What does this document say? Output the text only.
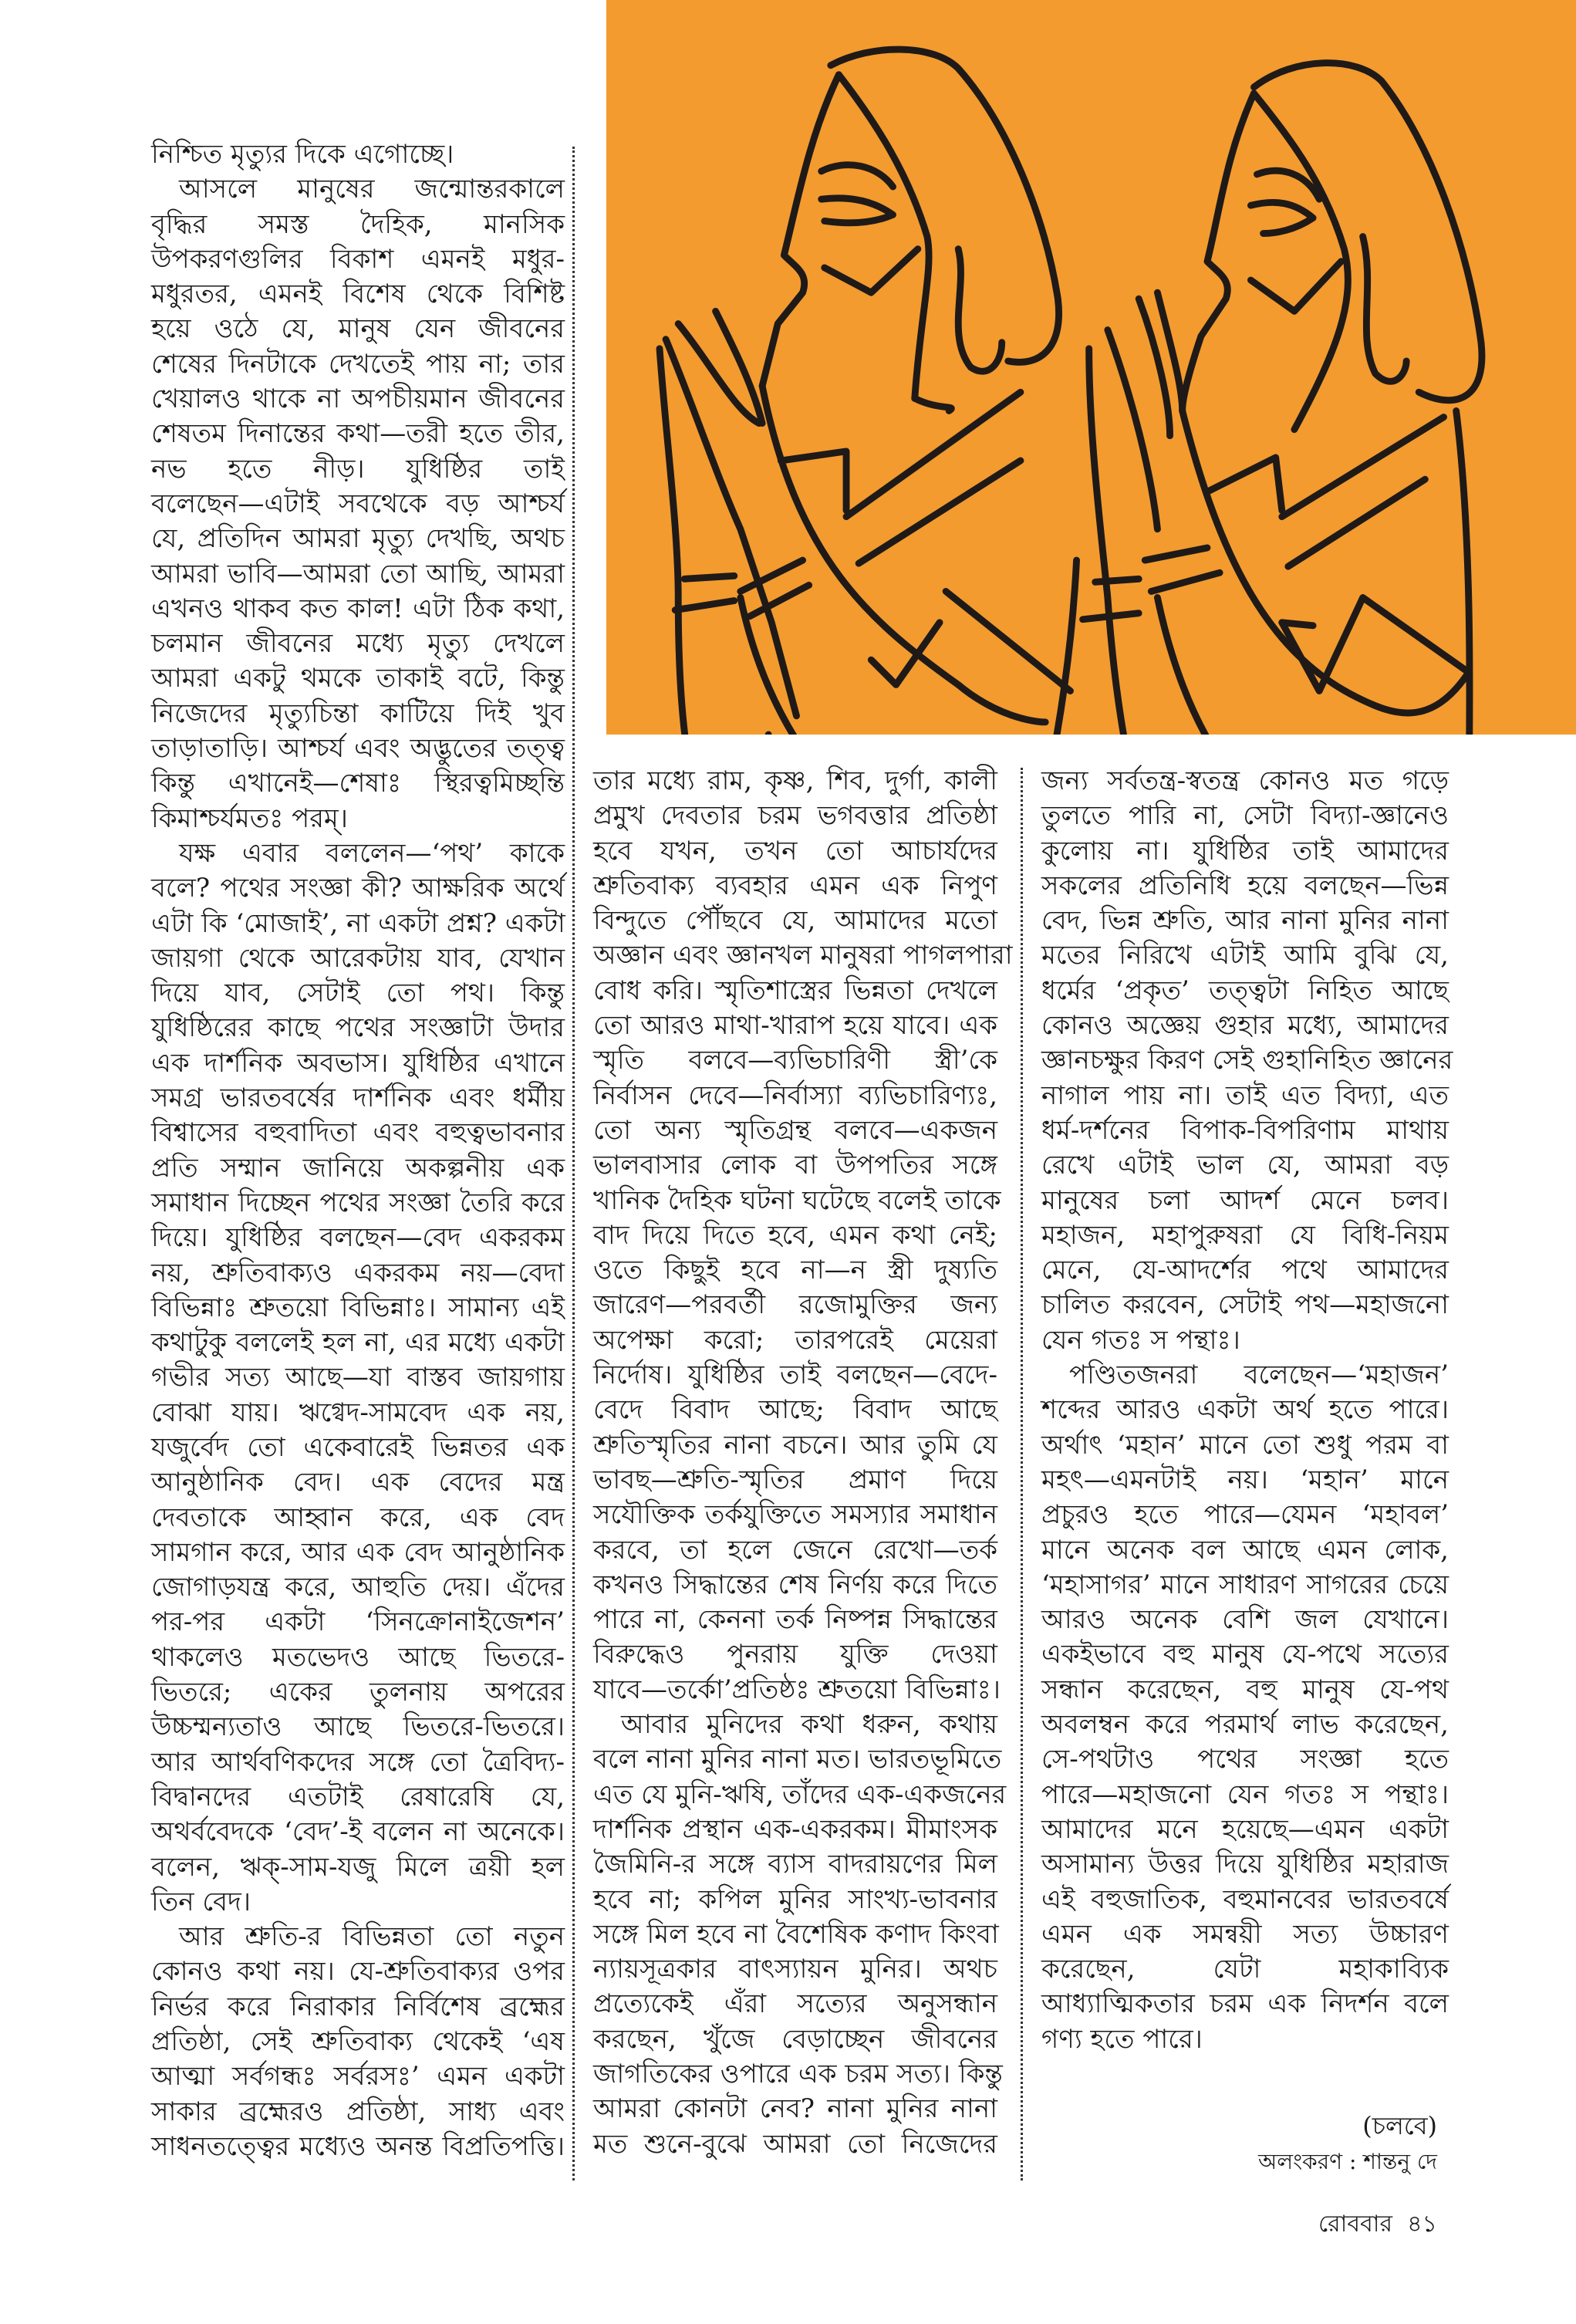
নিশ্চিত মৃত্যুর দিকে এগোচ্ছে।
আসলে মানুষের জন্মোন্তরকালে
বৃদ্ধির সমস্ত দৈহিক, মানসিক
উপকরণগুলির বিকাশ এমনই মধুর-
মধুরতর, এমনই বিশেষ থেকে বিশিষ্ট
হয়ে ওঠে যে, মানুষ যেন জীবনের
শেষের দিনটাকে দেখতেই পায় না; তার
খেয়ালও থাকে না অপচীয়মান জীবনের
শেষতম দিনান্তের কথা—তরী হতে তীর,
নভ হতে নীড়। যুধিষ্ঠির তাই
বলেছেন—এটাই সবথেকে বড় আশ্চর্য
যে, প্রতিদিন আমরা মৃত্যু দেখছি, অথচ
আমরা ভাবি—আমরা তো আছি, আমরা
এখনও থাকব কত কাল! এটা ঠিক কথা,
চলমান জীবনের মধ্যে মৃত্যু দেখলে
আমরা একটু থমকে তাকাই বটে, কিন্তু
নিজেদের মৃত্যুচিন্তা কাটিয়ে দিই খুব
তাড়াতাড়ি। আশ্চর্য এবং অদ্ভুতের তত্ত্ব
কিন্তু এখানেই—শেষাঃ স্থিরত্বমিচ্ছন্তি
কিমাশ্চর্যমতঃ পরম্।
যক্ষ এবার বললেন—‘পথ’ কাকে
বলে? পথের সংজ্ঞা কী? আক্ষরিক অর্থে
এটা কি ‘মোজাই’, না একটা প্রশ্ন? একটা
জায়গা থেকে আরেকটায় যাব, যেখান
দিয়ে যাব, সেটাই তো পথ। কিন্তু
যুধিষ্ঠিরের কাছে পথের সংজ্ঞাটা উদার
এক দার্শনিক অবভাস। যুধিষ্ঠির এখানে
সমগ্র ভারতবর্ষের দার্শনিক এবং ধর্মীয়
বিশ্বাসের বহুবাদিতা এবং বহুত্বভাবনার
প্রতি সম্মান জানিয়ে অকল্পনীয় এক
সমাধান দিচ্ছেন পথের সংজ্ঞা তৈরি করে
দিয়ে। যুধিষ্ঠির বলছেন—বেদ একরকম
নয়, শ্রুতিবাক্যও একরকম নয়—বেদা
বিভিন্নাঃ শ্রুতয়ো বিভিন্নাঃ। সামান্য এই
কথাটুকু বললেই হল না, এর মধ্যে একটা
গভীর সত্য আছে—যা বাস্তব জায়গায়
বোঝা যায়। ঋগ্বেদ-সামবেদ এক নয়,
যজুর্বেদ তো একেবারেই ভিন্নতর এক
আনুষ্ঠানিক বেদ। এক বেদের মন্ত্র
দেবতাকে আহ্বান করে, এক বেদ
সামগান করে, আর এক বেদ আনুষ্ঠানিক
জোগাড়যন্ত্র করে, আহুতি দেয়। এঁদের
পর-পর একটা ‘সিনক্রোনাইজেশন’
থাকলেও মতভেদও আছে ভিতরে-
ভিতরে; একের তুলনায় অপরের
উচ্চম্মন্যতাও আছে ভিতরে-ভিতরে।
আর আর্থবণিকদের সঙ্গে তো ত্রৈবিদ্য-
বিদ্বানদের এতটাই রেষারেষি যে,
অথর্ববেদকে ‘বেদ’-ই বলেন না অনেকে।
বলেন, ঋক্-সাম-যজু মিলে ত্রয়ী হল
তিন বেদ।
আর শ্রুতি-র বিভিন্নতা তো নতুন
কোনও কথা নয়। যে-শ্রুতিবাক্যর ওপর
নির্ভর করে নিরাকার নির্বিশেষ ব্রহ্মের
প্রতিষ্ঠা, সেই শ্রুতিবাক্য থেকেই ‘এষ
আত্মা সর্বগন্ধঃ সর্বরসঃ’ এমন একটা
সাকার ব্রহ্মেরও প্রতিষ্ঠা, সাধ্য এবং
সাধনতত্ত্বের মধ্যেও অনন্ত বিপ্রতিপত্তি।
তার মধ্যে রাম, কৃষ্ণ, শিব, দুর্গা, কালী
প্রমুখ দেবতার চরম ভগবত্তার প্রতিষ্ঠা
হবে যখন, তখন তো আচার্যদের
শ্রুতিবাক্য ব্যবহার এমন এক নিপুণ
বিন্দুতে পৌঁছবে যে, আমাদের মতো
অজ্ঞান এবং জ্ঞানখল মানুষরা পাগলপারা
বোধ করি। স্মৃতিশাস্ত্রের ভিন্নতা দেখলে
তো আরও মাথা-খারাপ হয়ে যাবে। এক
স্মৃতি বলবে—ব্যভিচারিণী স্ত্রী’কে
নির্বাসন দেবে—নির্বাস্যা ব্যভিচারিণ্যঃ,
তো অন্য স্মৃতিগ্রন্থ বলবে—একজন
ভালবাসার লোক বা উপপতির সঙ্গে
খানিক দৈহিক ঘটনা ঘটেছে বলেই তাকে
বাদ দিয়ে দিতে হবে, এমন কথা নেই;
ওতে কিছুই হবে না—ন স্ত্রী দুষ্যতি
জারেণ—পরবর্তী রজোমুক্তির জন্য
অপেক্ষা করো; তারপরেই মেয়েরা
নির্দোষ। যুধিষ্ঠির তাই বলছেন—বেদে-
বেদে বিবাদ আছে; বিবাদ আছে
শ্রুতিস্মৃতির নানা বচনে। আর তুমি যে
ভাবছ—শ্রুতি-স্মৃতির প্রমাণ দিয়ে
সযৌক্তিক তর্কযুক্তিতে সমস্যার সমাধান
করবে, তা হলে জেনে রেখো—তর্ক
কখনও সিদ্ধান্তের শেষ নির্ণয় করে দিতে
পারে না, কেননা তর্ক নিষ্পন্ন সিদ্ধান্তের
বিরুদ্ধেও পুনরায় যুক্তি দেওয়া
যাবে—তর্কো’প্রতিষ্ঠঃ শ্রুতয়ো বিভিন্নাঃ।
আবার মুনিদের কথা ধরুন, কথায়
বলে নানা মুনির নানা মত। ভারতভূমিতে
এত যে মুনি-ঋষি, তাঁদের এক-একজনের
দার্শনিক প্রস্থান এক-একরকম। মীমাংসক
জৈমিনি-র সঙ্গে ব্যাস বাদরায়ণের মিল
হবে না; কপিল মুনির সাংখ্য-ভাবনার
সঙ্গে মিল হবে না বৈশেষিক কণাদ কিংবা
ন্যায়সূত্রকার বাৎস্যায়ন মুনির। অথচ
প্রত্যেকেই এঁরা সত্যের অনুসন্ধান
করছেন, খুঁজে বেড়াচ্ছেন জীবনের
জাগতিকের ওপারে এক চরম সত্য। কিন্তু
আমরা কোনটা নেব? নানা মুনির নানা
মত শুনে-বুঝে আমরা তো নিজেদের
জন্য সর্বতন্ত্র-স্বতন্ত্র কোনও মত গড়ে
তুলতে পারি না, সেটা বিদ্যা-জ্ঞানেও
কুলোয় না। যুধিষ্ঠির তাই আমাদের
সকলের প্রতিনিধি হয়ে বলছেন—ভিন্ন
বেদ, ভিন্ন শ্রুতি, আর নানা মুনির নানা
মতের নিরিখে এটাই আমি বুঝি যে,
ধর্মের ‘প্রকৃত’ তত্ত্বটা নিহিত আছে
কোনও অজ্ঞেয় গুহার মধ্যে, আমাদের
জ্ঞানচক্ষুর কিরণ সেই গুহানিহিত জ্ঞানের
নাগাল পায় না। তাই এত বিদ্যা, এত
ধর্ম-দর্শনের বিপাক-বিপরিণাম মাথায়
রেখে এটাই ভাল যে, আমরা বড়
মানুষের চলা আদর্শ মেনে চলব।
মহাজন, মহাপুরুষরা যে বিধি-নিয়ম
মেনে, যে-আদর্শের পথে আমাদের
চালিত করবেন, সেটাই পথ—মহাজনো
যেন গতঃ স পন্থাঃ।
পণ্ডিতজনরা বলেছেন—‘মহাজন’
শব্দের আরও একটা অর্থ হতে পারে।
অর্থাৎ ‘মহান’ মানে তো শুধু পরম বা
মহৎ—এমনটাই নয়। ‘মহান’ মানে
প্রচুরও হতে পারে—যেমন ‘মহাবল’
মানে অনেক বল আছে এমন লোক,
‘মহাসাগর’ মানে সাধারণ সাগরের চেয়ে
আরও অনেক বেশি জল যেখানে।
একইভাবে বহু মানুষ যে-পথে সত্যের
সন্ধান করেছেন, বহু মানুষ যে-পথ
অবলম্বন করে পরমার্থ লাভ করেছেন,
সে-পথটাও পথের সংজ্ঞা হতে
পারে—মহাজনো যেন গতঃ স পন্থাঃ।
আমাদের মনে হয়েছে—এমন একটা
অসামান্য উত্তর দিয়ে যুধিষ্ঠির মহারাজ
এই বহুজাতিক, বহুমানবের ভারতবর্ষে
এমন এক সমন্বয়ী সত্য উচ্চারণ
করেছেন, যেটা মহাকাব্যিক
আধ্যাত্মিকতার চরম এক নিদর্শন বলে
গণ্য হতে পারে।
(চলবে)
অলংকরণ : শান্তনু দে
রোববার ৪১
